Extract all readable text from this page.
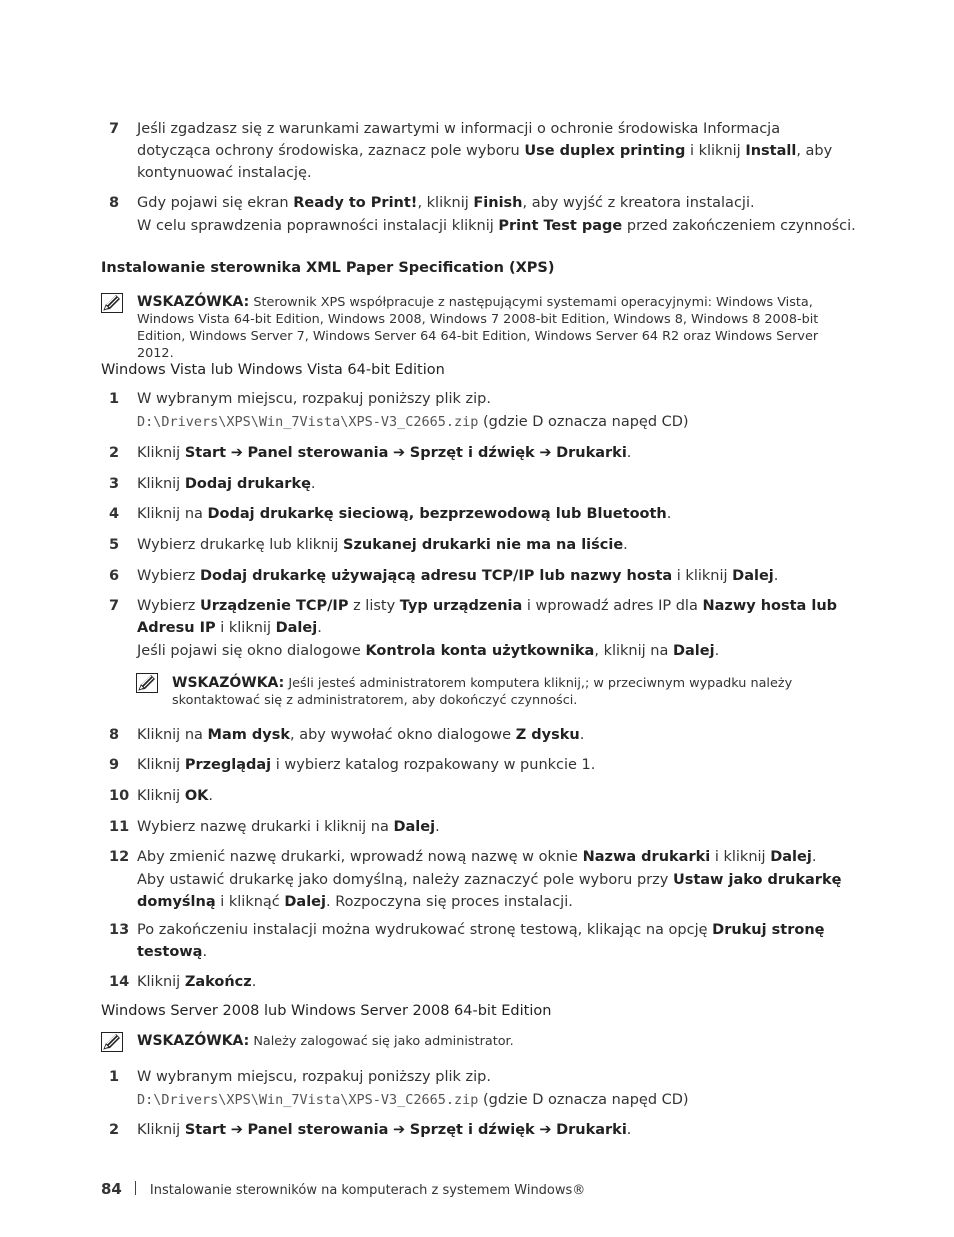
7 Jeśli zgadzasz się z warunkami zawartymi w informacji o ochronie środowiska Informacja dotycząca ochrony środowiska, zaznacz pole wyboru Use duplex printing i kliknij Install, aby kontynuować instalację.

8 Gdy pojawi się ekran Ready to Print!, kliknij Finish, aby wyjść z kreatora instalacji.

W celu sprawdzenia poprawności instalacji kliknij Print Test page przed zakończeniem czynności.

Instalowanie sterownika XML Paper Specification (XPS)
WSKAZÓWKA: Sterownik XPS współpracuje z następującymi systemami operacyjnymi: Windows Vista, Windows Vista 64-bit Edition, Windows 2008, Windows 7 2008-bit Edition, Windows 8, Windows 8 2008-bit Edition, Windows Server 7, Windows Server 64 64-bit Edition, Windows Server 64 R2 oraz Windows Server 2012.
Windows Vista lub Windows Vista 64-bit Edition
1 W wybranym miejscu, rozpakuj poniższy plik zip.

D:\Drivers\XPS\Win_7Vista\XPS-V3_C2665.zip (gdzie D oznacza napęd CD)

2 Kliknij Start ➔ Panel sterowania ➔ Sprzęt i dźwięk ➔ Drukarki.

3 Kliknij Dodaj drukarkę.

4 Kliknij na Dodaj drukarkę sieciową, bezprzewodową lub Bluetooth.

5 Wybierz drukarkę lub kliknij Szukanej drukarki nie ma na liście.

6 Wybierz Dodaj drukarkę używającą adresu TCP/IP lub nazwy hosta i kliknij Dalej.

7 Wybierz Urządzenie TCP/IP z listy Typ urządzenia i wprowadź adres IP dla Nazwy hosta lub Adresu IP i kliknij Dalej.

Jeśli pojawi się okno dialogowe Kontrola konta użytkownika, kliknij na Dalej.

WSKAZÓWKA: Jeśli jesteś administratorem komputera kliknij,; w przeciwnym wypadku należy skontaktować się z administratorem, aby dokończyć czynności.
8 Kliknij na Mam dysk, aby wywołać okno dialogowe Z dysku.

9 Kliknij Przeglądaj i wybierz katalog rozpakowany w punkcie 1.

10 Kliknij OK.

11 Wybierz nazwę drukarki i kliknij na Dalej.

12 Aby zmienić nazwę drukarki, wprowadź nową nazwę w oknie Nazwa drukarki i kliknij Dalej.

Aby ustawić drukarkę jako domyślną, należy zaznaczyć pole wyboru przy Ustaw jako drukarkę domyślną i kliknąć Dalej. Rozpoczyna się proces instalacji.

13 Po zakończeniu instalacji można wydrukować stronę testową, klikając na opcję Drukuj stronę testową.

14 Kliknij Zakończ.

Windows Server 2008 lub Windows Server 2008 64-bit Edition
WSKAZÓWKA: Należy zalogować się jako administrator.
1 W wybranym miejscu, rozpakuj poniższy plik zip.

D:\Drivers\XPS\Win_7Vista\XPS-V3_C2665.zip (gdzie D oznacza napęd CD)

2 Kliknij Start ➔ Panel sterowania ➔ Sprzęt i dźwięk ➔ Drukarki.

84 Instalowanie sterowników na komputerach z systemem Windows®
